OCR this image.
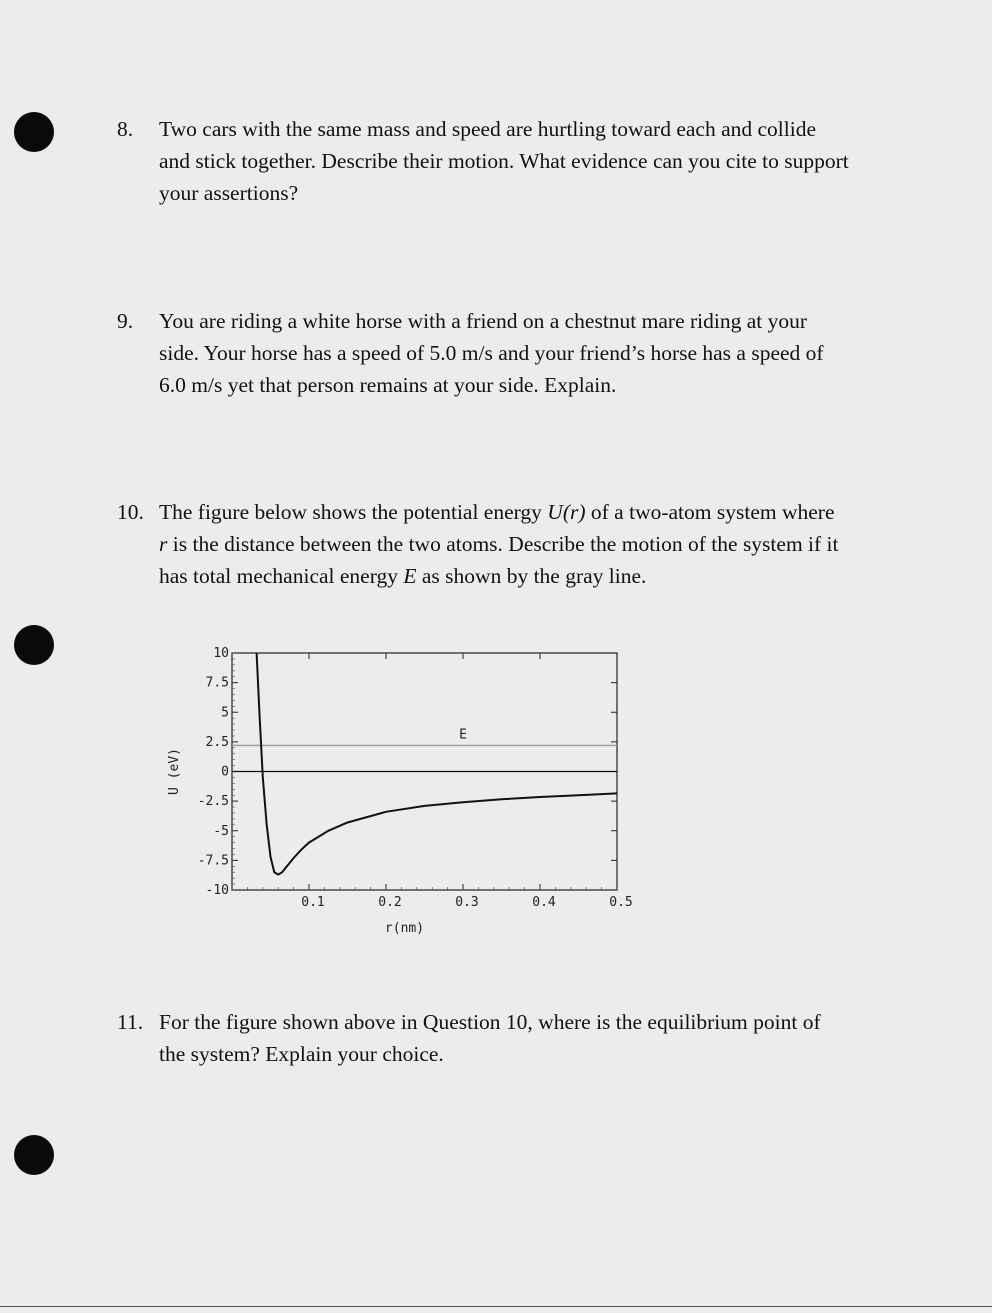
8. Two cars with the same mass and speed are hurtling toward each and collide
and stick together. Describe their motion. What evidence can you cite to support
your assertions?
9. You are riding a white horse with a friend on a chestnut mare riding at your
side. Your horse has a speed of 5.0 m/s and your friend’s horse has a speed of
6.0 m/s yet that person remains at your side. Explain.
10. The figure below shows the potential energy U(r) of a two-atom system where
r is the distance between the two atoms. Describe the motion of the system if it
has total mechanical energy E as shown by the gray line.
10
7.5
5
2.5
0
-2.5
-5
-7.5
-10
0.1	0.2	0.3	0.4	0.5
E
r(nm)
U (eV)
11. For the figure shown above in Question 10, where is the equilibrium point of
the system? Explain your choice.
